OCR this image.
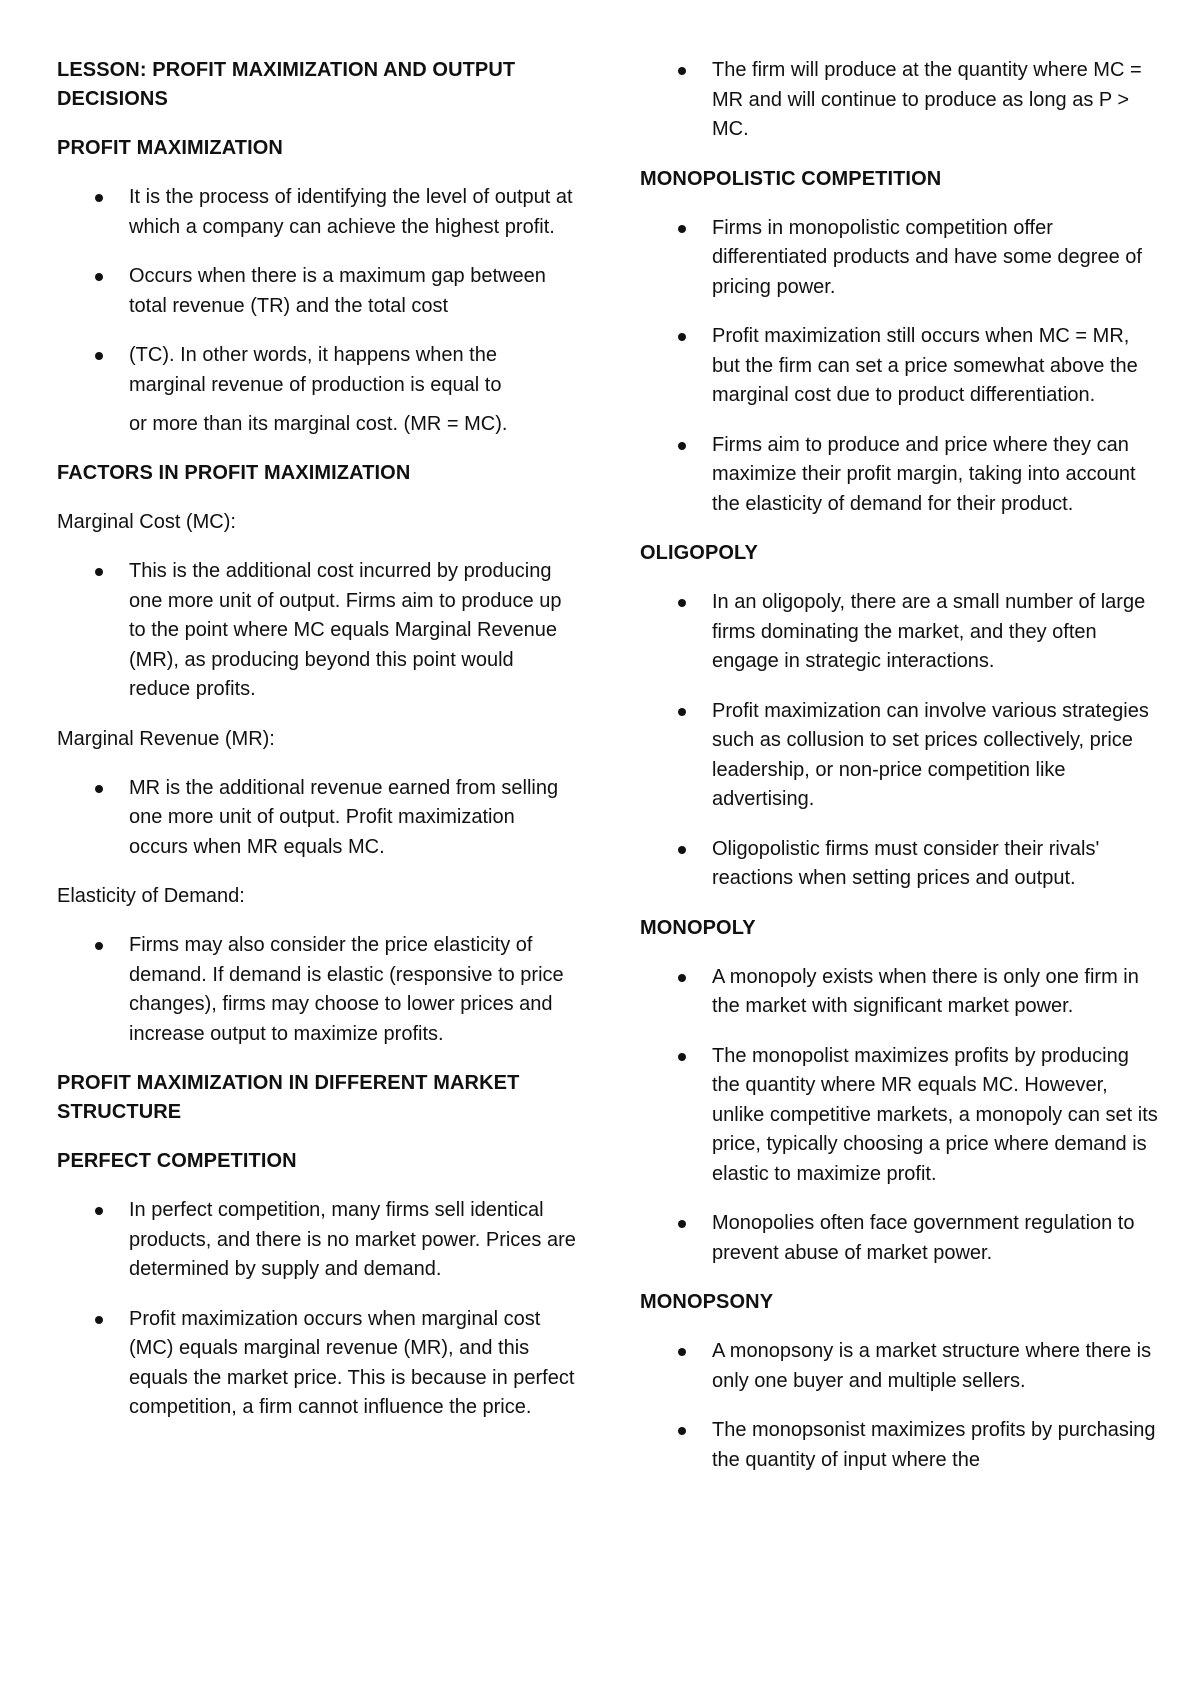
LESSON: PROFIT MAXIMIZATION AND OUTPUT DECISIONS
PROFIT MAXIMIZATION
It is the process of identifying the level of output at which a company can achieve the highest profit.
Occurs when there is a maximum gap between total revenue (TR) and the total cost
(TC). In other words, it happens when the marginal revenue of production is equal to
or more than its marginal cost. (MR = MC).
FACTORS IN PROFIT MAXIMIZATION
Marginal Cost (MC):
This is the additional cost incurred by producing one more unit of output. Firms aim to produce up to the point where MC equals Marginal Revenue (MR), as producing beyond this point would reduce profits.
Marginal Revenue (MR):
MR is the additional revenue earned from selling one more unit of output. Profit maximization occurs when MR equals MC.
Elasticity of Demand:
Firms may also consider the price elasticity of demand. If demand is elastic (responsive to price changes), firms may choose to lower prices and increase output to maximize profits.
PROFIT MAXIMIZATION IN DIFFERENT MARKET STRUCTURE
PERFECT COMPETITION
In perfect competition, many firms sell identical products, and there is no market power. Prices are determined by supply and demand.
Profit maximization occurs when marginal cost (MC) equals marginal revenue (MR), and this equals the market price. This is because in perfect competition, a firm cannot influence the price.
The firm will produce at the quantity where MC = MR and will continue to produce as long as P > MC.
MONOPOLISTIC COMPETITION
Firms in monopolistic competition offer differentiated products and have some degree of pricing power.
Profit maximization still occurs when MC = MR, but the firm can set a price somewhat above the marginal cost due to product differentiation.
Firms aim to produce and price where they can maximize their profit margin, taking into account the elasticity of demand for their product.
OLIGOPOLY
In an oligopoly, there are a small number of large firms dominating the market, and they often engage in strategic interactions.
Profit maximization can involve various strategies such as collusion to set prices collectively, price leadership, or non-price competition like advertising.
Oligopolistic firms must consider their rivals' reactions when setting prices and output.
MONOPOLY
A monopoly exists when there is only one firm in the market with significant market power.
The monopolist maximizes profits by producing the quantity where MR equals MC. However, unlike competitive markets, a monopoly can set its price, typically choosing a price where demand is elastic to maximize profit.
Monopolies often face government regulation to prevent abuse of market power.
MONOPSONY
A monopsony is a market structure where there is only one buyer and multiple sellers.
The monopsonist maximizes profits by purchasing the quantity of input where the
